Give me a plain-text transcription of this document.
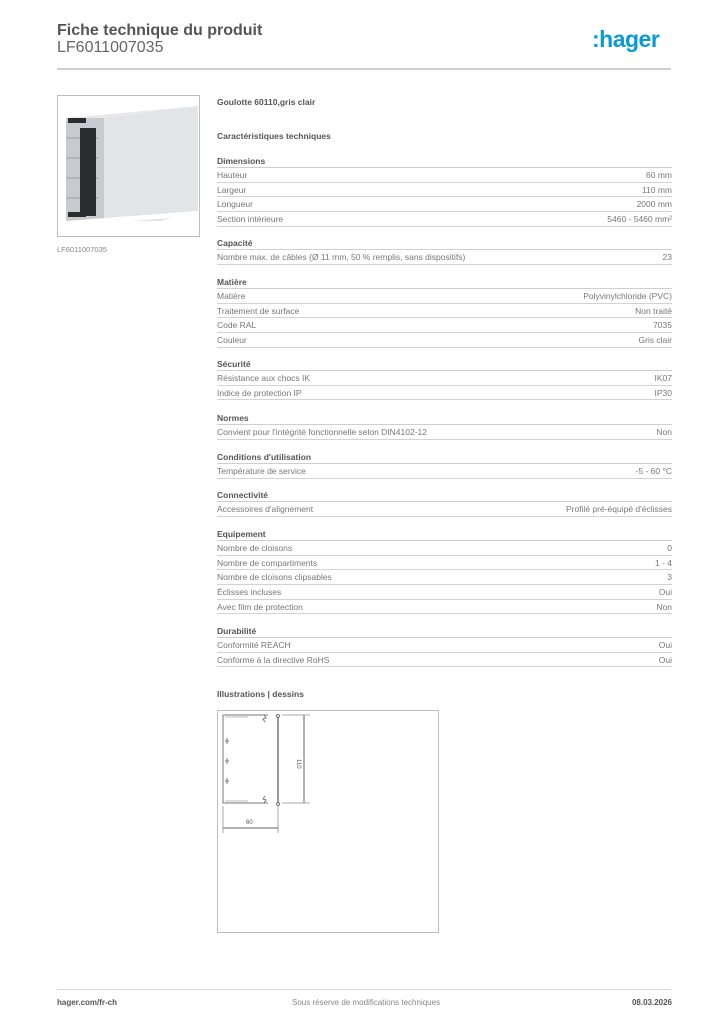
Fiche technique du produit
LF6011007035	:hager
LF6011007035
Goulotte 60110,gris clair
Caractéristiques techniques
Dimensions
Hauteur	60 mm
Largeur	110 mm
Longueur	2000 mm
Section intérieure	5460 - 5460 mm²
Capacité
Nombre max. de câbles (Ø 11 mm, 50 % remplis, sans dispositifs)	23
Matière
Matière	Polyvinylchloride (PVC)
Traitement de surface	Non traité
Code RAL	7035
Couleur	Gris clair
Sécurité
Résistance aux chocs IK	IK07
Indice de protection IP	IP30
Normes
Convient pour l'intégrité fonctionnelle selon DIN4102-12	Non
Conditions d'utilisation
Température de service	-5 - 60 °C
Connectivité
Accessoires d'alignement	Profilé pré-équipé d'éclisses
Equipement
Nombre de cloisons	0
Nombre de compartiments	1 - 4
Nombre de cloisons clipsables	3
Éclisses incluses	Oui
Avec film de protection	Non
Durabilité
Conformité REACH	Oui
Conforme à la directive RoHS	Oui
Illustrations | dessins
110
60
hager.com/fr-ch	Sous réserve de modifications techniques	08.03.2026
